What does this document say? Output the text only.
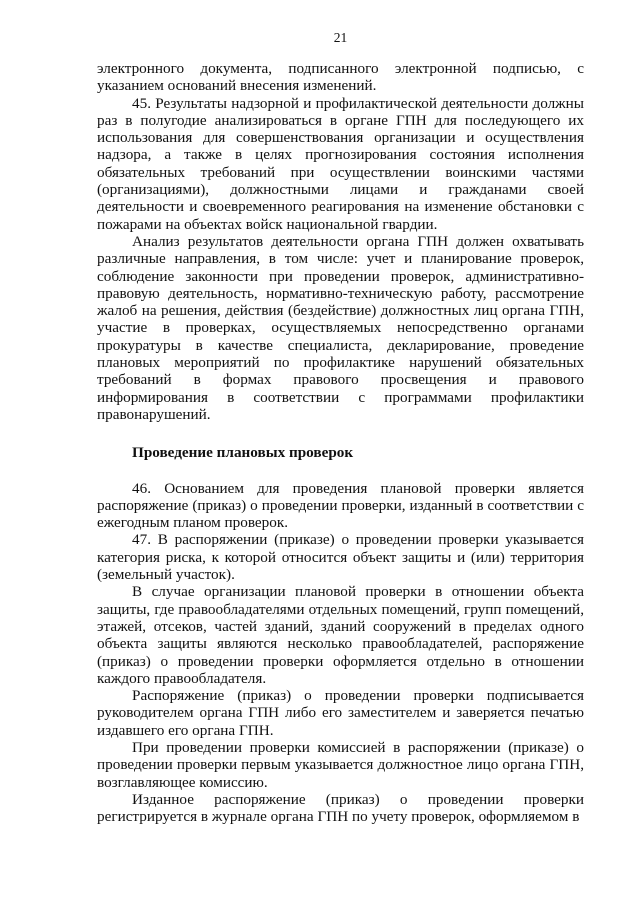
21

электронного документа, подписанного электронной подписью, с указанием оснований внесения изменений.

45. Результаты надзорной и профилактической деятельности должны раз в полугодие анализироваться в органе ГПН для последующего их использования для совершенствования организации и осуществления надзора, а также в целях прогнозирования состояния исполнения обязательных требований при осуществлении воинскими частями (организациями), должностными лицами и гражданами своей деятельности и своевременного реагирования на изменение обстановки с пожарами на объектах войск национальной гвардии.

Анализ результатов деятельности органа ГПН должен охватывать различные направления, в том числе: учет и планирование проверок, соблюдение законности при проведении проверок, административно-правовую деятельность, нормативно-техническую работу, рассмотрение жалоб на решения, действия (бездействие) должностных лиц органа ГПН, участие в проверках, осуществляемых непосредственно органами прокуратуры в качестве специалиста, декларирование, проведение плановых мероприятий по профилактике нарушений обязательных требований в формах правового просвещения и правового информирования в соответствии с программами профилактики правонарушений.

Проведение плановых проверок

46. Основанием для проведения плановой проверки является распоряжение (приказ) о проведении проверки, изданный в соответствии с ежегодным планом проверок.

47. В распоряжении (приказе) о проведении проверки указывается категория риска, к которой относится объект защиты и (или) территория (земельный участок).

В случае организации плановой проверки в отношении объекта защиты, где правообладателями отдельных помещений, групп помещений, этажей, отсеков, частей зданий, зданий сооружений в пределах одного объекта защиты являются несколько правообладателей, распоряжение (приказ) о проведении проверки оформляется отдельно в отношении каждого правообладателя.

Распоряжение (приказ) о проведении проверки подписывается руководителем органа ГПН либо его заместителем и заверяется печатью издавшего его органа ГПН.

При проведении проверки комиссией в распоряжении (приказе) о проведении проверки первым указывается должностное лицо органа ГПН, возглавляющее комиссию.

Изданное распоряжение (приказ) о проведении проверки регистрируется в журнале органа ГПН по учету проверок, оформляемом в
